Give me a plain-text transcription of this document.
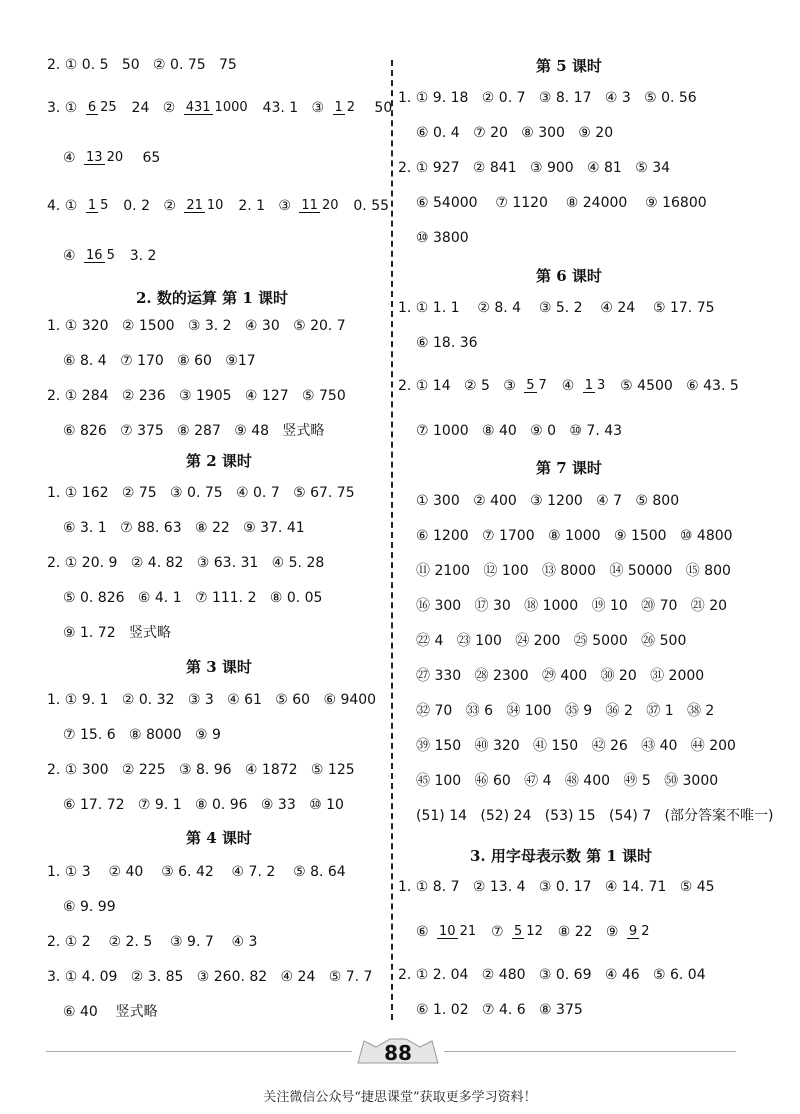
2. ① 0. 5   50   ② 0. 75   75
3. ① 6 25 24   ② 431 1000 43. 1   ③ 1 2 50
④ 13 20 65
4. ① 1 5 0. 2   ② 21 10 2. 1   ③ 11 20 0. 55
④ 16 5 3. 2
2. 数的运算 第 1 课时
1. ① 320   ② 1500   ③ 3. 2   ④ 30   ⑤ 20. 7
⑥ 8. 4   ⑦ 170   ⑧ 60   ⑨17
2. ① 284   ② 236   ③ 1905   ④ 127   ⑤ 750
⑥ 826   ⑦ 375   ⑧ 287   ⑨ 48   竖式略
第 2 课时
1. ① 162   ② 75   ③ 0. 75   ④ 0. 7   ⑤ 67. 75
⑥ 3. 1   ⑦ 88. 63   ⑧ 22   ⑨ 37. 41
2. ① 20. 9   ② 4. 82   ③ 63. 31   ④ 5. 28
⑤ 0. 826   ⑥ 4. 1   ⑦ 111. 2   ⑧ 0. 05
⑨ 1. 72   竖式略
第 3 课时
1. ① 9. 1   ② 0. 32   ③ 3   ④ 61   ⑤ 60   ⑥ 9400
⑦ 15. 6   ⑧ 8000   ⑨ 9
2. ① 300   ② 225   ③ 8. 96   ④ 1872   ⑤ 125
⑥ 17. 72   ⑦ 9. 1   ⑧ 0. 96   ⑨ 33   ⑩ 10
第 4 课时
1. ① 3    ② 40    ③ 6. 42    ④ 7. 2    ⑤ 8. 64
⑥ 9. 99
2. ① 2    ② 2. 5    ③ 9. 7    ④ 3
3. ① 4. 09   ② 3. 85   ③ 260. 82   ④ 24   ⑤ 7. 7
⑥ 40    竖式略
第 5 课时
1. ① 9. 18   ② 0. 7   ③ 8. 17   ④ 3   ⑤ 0. 56
⑥ 0. 4   ⑦ 20   ⑧ 300   ⑨ 20
2. ① 927   ② 841   ③ 900   ④ 81   ⑤ 34
⑥ 54000    ⑦ 1120    ⑧ 24000    ⑨ 16800
⑩ 3800
第 6 课时
1. ① 1. 1    ② 8. 4    ③ 5. 2    ④ 24    ⑤ 17. 75
⑥ 18. 36
2. ① 14   ② 5   ③ 5 7 ④ 1 3 ⑤ 4500   ⑥ 43. 5
⑦ 1000   ⑧ 40   ⑨ 0   ⑩ 7. 43
第 7 课时
① 300   ② 400   ③ 1200   ④ 7   ⑤ 800
⑥ 1200   ⑦ 1700   ⑧ 1000   ⑨ 1500   ⑩ 4800
⑪ 2100   ⑫ 100   ⑬ 8000   ⑭ 50000   ⑮ 800
⑯ 300   ⑰ 30   ⑱ 1000   ⑲ 10   ⑳ 70   ㉑ 20
㉒ 4   ㉓ 100   ㉔ 200   ㉕ 5000   ㉖ 500
㉗ 330   ㉘ 2300   ㉙ 400   ㉚ 20   ㉛ 2000
㉜ 70   ㉝ 6   ㉞ 100   ㉟ 9   ㊱ 2   ㊲ 1   ㊳ 2
㊴ 150   ㊵ 320   ㊶ 150   ㊷ 26   ㊸ 40   ㊹ 200
㊺ 100   ㊻ 60   ㊼ 4   ㊽ 400   ㊾ 5   ㊿ 3000
(51) 14   (52) 24   (53) 15   (54) 7   (部分答案不唯一)
3. 用字母表示数 第 1 课时
1. ① 8. 7   ② 13. 4   ③ 0. 17   ④ 14. 71   ⑤ 45
⑥ 10 21 ⑦ 5 12 ⑧ 22   ⑨ 9 2
2. ① 2. 04   ② 480   ③ 0. 69   ④ 46   ⑤ 6. 04
⑥ 1. 02   ⑦ 4. 6   ⑧ 375
88
关注微信公众号“捷思课堂”获取更多学习资料！
